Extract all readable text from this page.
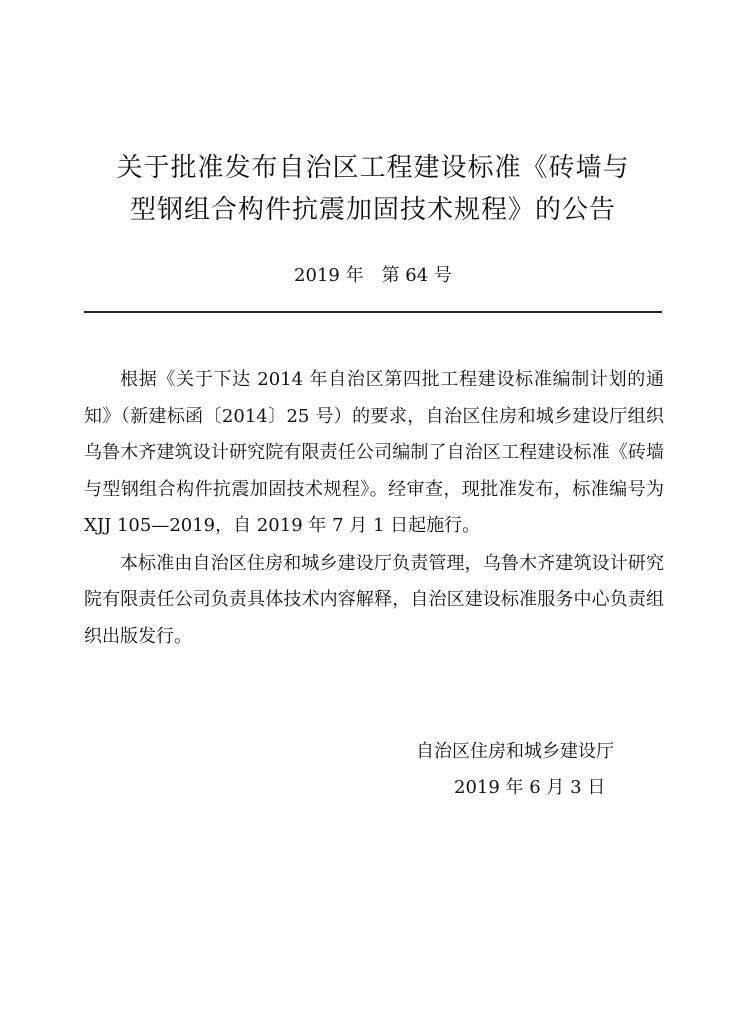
关于批准发布自治区工程建设标准《砖墙与
型钢组合构件抗震加固技术规程》的公告
2019 年　第 64 号

根据《关于下达 2014 年自治区第四批工程建设标准编制计划的通知》（新建标函〔2014〕25 号）的要求，自治区住房和城乡建设厅组织乌鲁木齐建筑设计研究院有限责任公司编制了自治区工程建设标准《砖墙与型钢组合构件抗震加固技术规程》。经审查，现批准发布，标准编号为 XJJ 105—2019，自 2019 年 7 月 1 日起施行。

本标准由自治区住房和城乡建设厅负责管理，乌鲁木齐建筑设计研究院有限责任公司负责具体技术内容解释，自治区建设标准服务中心负责组织出版发行。

自治区住房和城乡建设厅
2019 年 6 月 3 日
